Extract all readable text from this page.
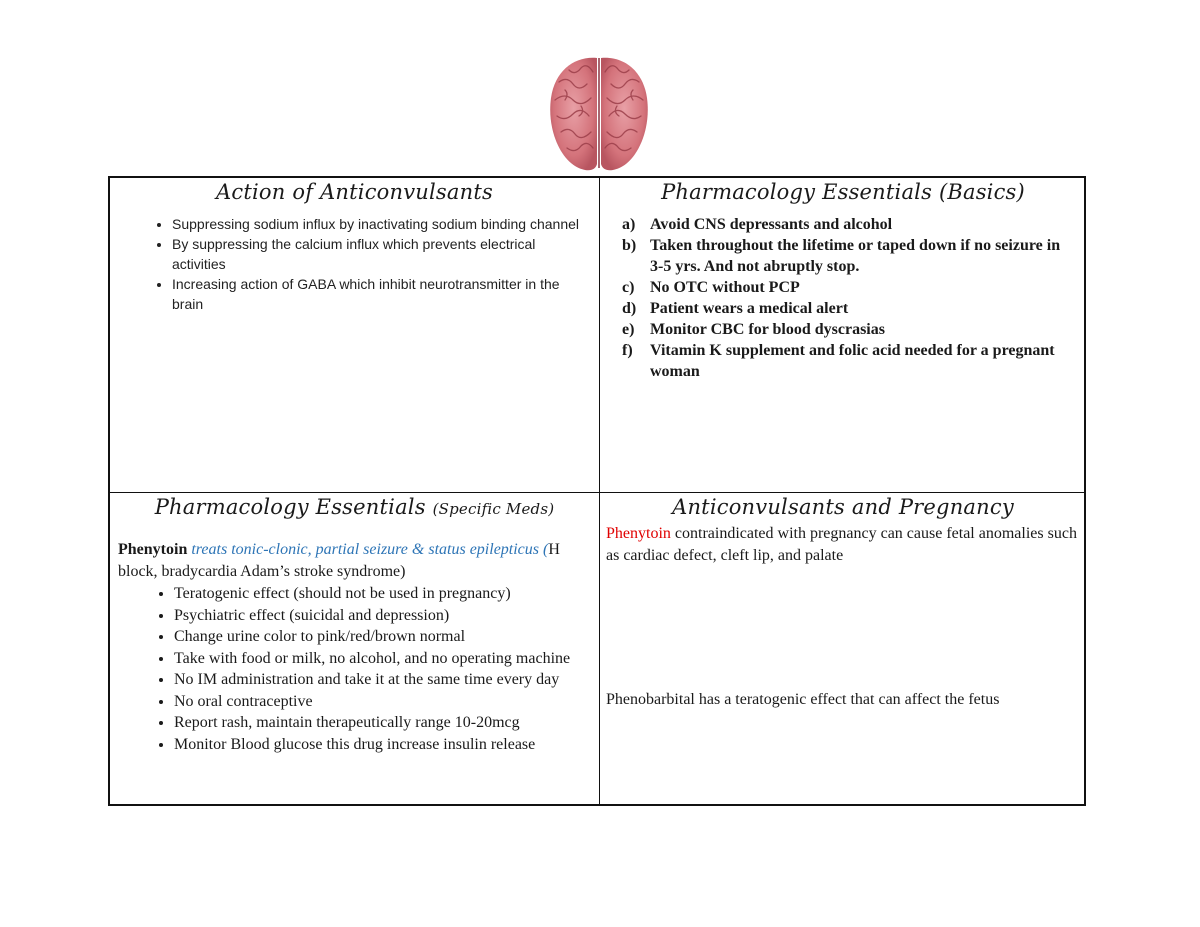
Action of Anticonvulsants
• Suppressing sodium influx by inactivating sodium binding channel
• By suppressing the calcium influx which prevents electrical activities
• Increasing action of GABA which inhibit neurotransmitter in the brain
Pharmacology Essentials (Basics)
a) Avoid CNS depressants and alcohol
b) Taken throughout the lifetime or taped down if no seizure in 3-5 yrs. And not abruptly stop.
c) No OTC without PCP
d) Patient wears a medical alert
e) Monitor CBC for blood dyscrasias
f)	Vitamin K supplement and folic acid needed for a pregnant woman
Pharmacology Essentials (Specific Meds)

Phenytoin treats tonic-clonic, partial seizure & status epilepticus (H block, bradycardia Adam’s stroke syndrome)

• Teratogenic effect (should not be used in pregnancy)
• Psychiatric effect (suicidal and depression)
• Change urine color to pink/red/brown normal
• Take with food or milk, no alcohol, and no operating machine
• No IM administration and take it at the same time every day
• No oral contraceptive
• Report rash, maintain therapeutically range 10-20mcg
• Monitor Blood glucose this drug increase insulin release
Anticonvulsants and Pregnancy

Phenytoin contraindicated with pregnancy can cause fetal anomalies such as cardiac defect, cleft lip, and palate

Phenobarbital has a teratogenic effect that can affect the fetus
